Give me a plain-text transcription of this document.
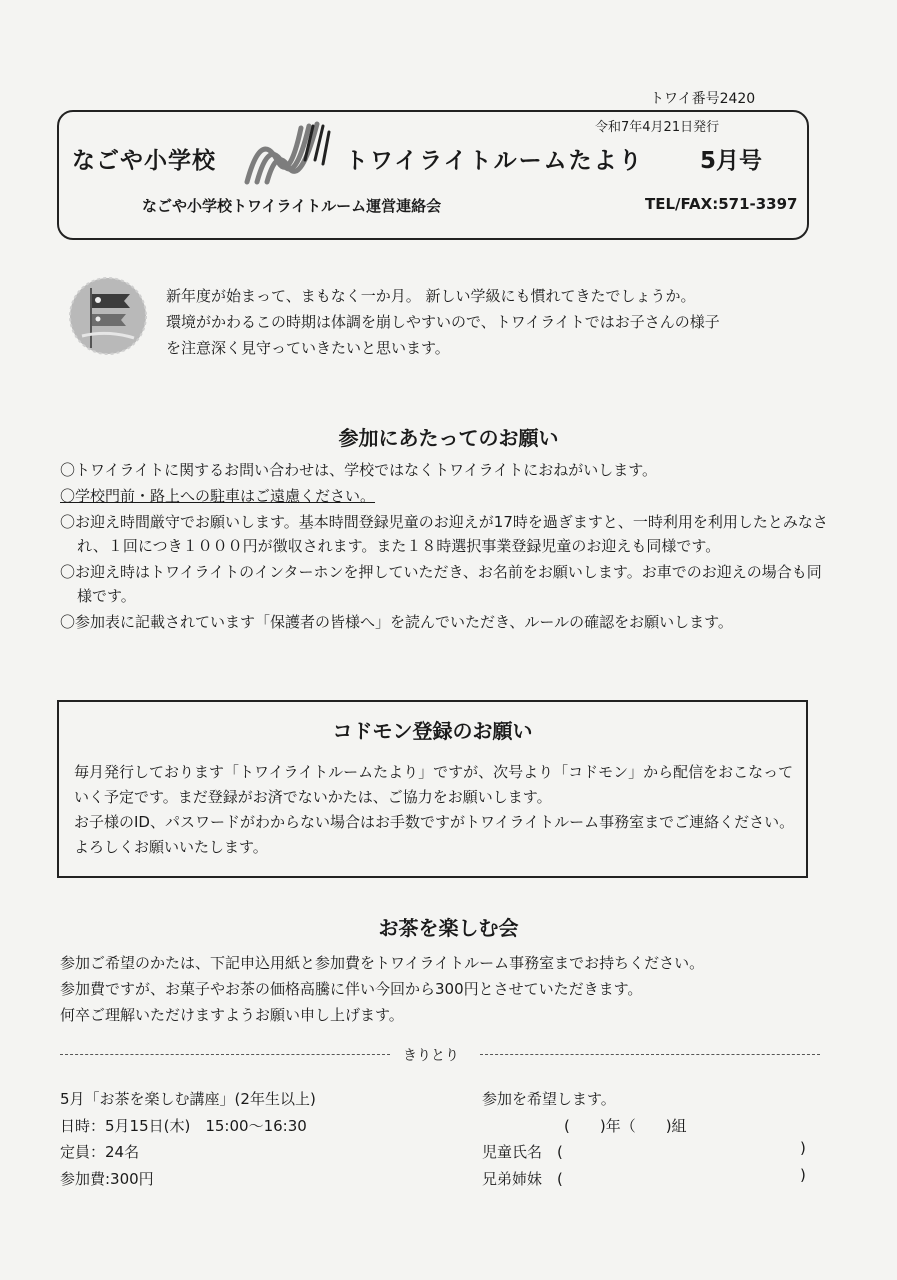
トワイ番号2420
令和7年4月21日発行
なごや小学校	トワイライトルームたより 5月号
なごや小学校トワイライトルーム運営連絡会	TEL/FAX:571-3397

新年度が始まって、まもなく一か月。 新しい学級にも慣れてきたでしょうか。

環境がかわるこの時期は体調を崩しやすいので、トワイライトではお子さんの様子

を注意深く見守っていきたいと思います。

参加にあたってのお願い

〇トワイライトに関するお問い合わせは、学校ではなくトワイライトにおねがいします。

〇学校門前・路上への駐車はご遠慮ください。

〇お迎え時間厳守でお願いします。基本時間登録児童のお迎えが17時を過ぎますと、一時利用を利用したとみなされ、１回につき１０００円が徴収されます。また１８時選択事業登録児童のお迎えも同様です。

〇お迎え時はトワイライトのインターホンを押していただき、お名前をお願いします。お車でのお迎えの場合も同様です。

〇参加表に記載されています「保護者の皆様へ」を読んでいただき、ルールの確認をお願いします。

コドモン登録のお願い

毎月発行しております「トワイライトルームたより」ですが、次号より「コドモン」から配信をおこなっていく予定です。まだ登録がお済でないかたは、ご協力をお願いします。

お子様のID、パスワードがわからない場合はお手数ですがトワイライトルーム事務室までご連絡ください。よろしくお願いいたします。

お茶を楽しむ会

参加ご希望のかたは、下記申込用紙と参加費をトワイライトルーム事務室までお持ちください。

参加費ですが、お菓子やお茶の価格高騰に伴い今回から300円とさせていただきます。

何卒ご理解いただけますようお願い申し上げます。

きりとり

5月「お茶を楽しむ講座」(2年生以上)

日時：5月15日(木)　15:00～16:30

定員：24名

参加費:300円

参加を希望します。

(　　)年（　　)組

児童氏名　(

兄弟姉妹　(

)
)
